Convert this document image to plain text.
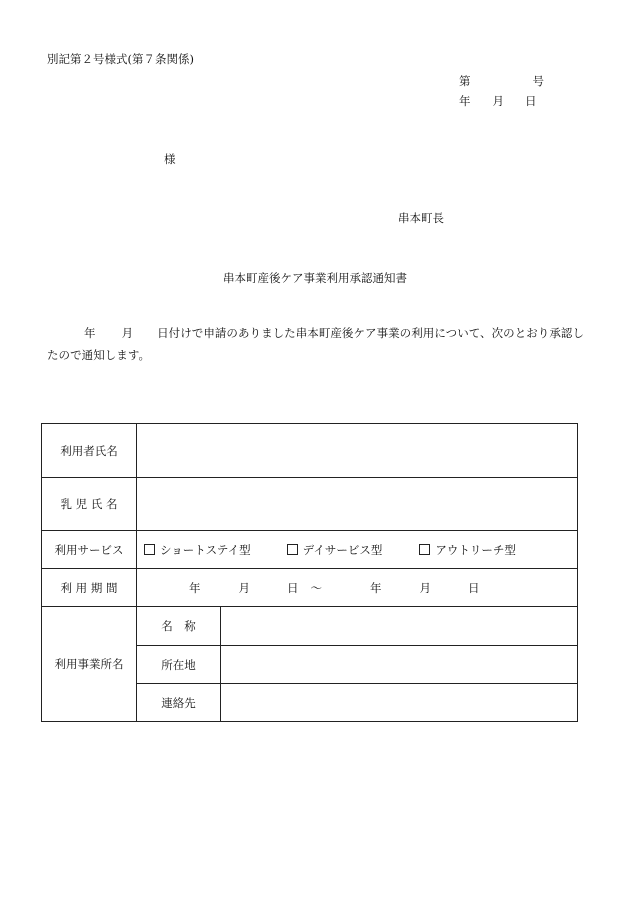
別記第２号様式(第７条関係)
第	号
年 月 日
様
串本町長
串本町産後ケア事業利用承認通知書
年 月 日付けで申請のありました串本町産後ケア事業の利用について、次のとおり承認したので通知します。
利用者氏名		
乳 児 氏 名		
利用サービス	ショートステイ型 デイサービス型 アウトリーチ型	
利 用 期 間	年 月 日 ～ 年 月 日	
利用事業所名	名　称	
	所在地	
	連絡先	
